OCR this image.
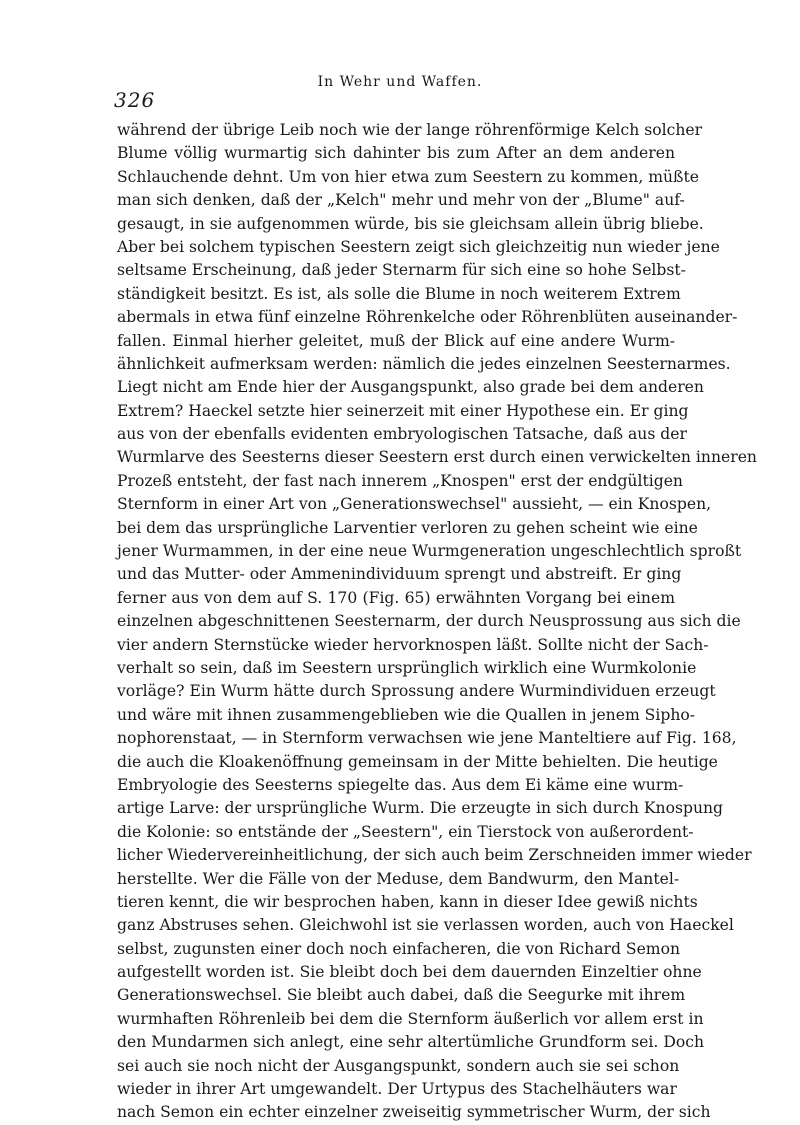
In Wehr und Waffen.
326
während der übrige Leib noch wie der lange röhrenförmige Kelch solcher
Blume völlig wurmartig sich dahinter bis zum After an dem anderen
Schlauchende dehnt. Um von hier etwa zum Seestern zu kommen, müßte
man sich denken, daß der „Kelch" mehr und mehr von der „Blume" auf-
gesaugt, in sie aufgenommen würde, bis sie gleichsam allein übrig bliebe.
Aber bei solchem typischen Seestern zeigt sich gleichzeitig nun wieder jene
seltsame Erscheinung, daß jeder Sternarm für sich eine so hohe Selbst-
ständigkeit besitzt. Es ist, als solle die Blume in noch weiterem Extrem
abermals in etwa fünf einzelne Röhrenkelche oder Röhrenblüten auseinander-
fallen. Einmal hierher geleitet, muß der Blick auf eine andere Wurm-
ähnlichkeit aufmerksam werden: nämlich die jedes einzelnen Seesternarmes.
Liegt nicht am Ende hier der Ausgangspunkt, also grade bei dem anderen
Extrem? Haeckel setzte hier seinerzeit mit einer Hypothese ein. Er ging
aus von der ebenfalls evidenten embryologischen Tatsache, daß aus der
Wurmlarve des Seesterns dieser Seestern erst durch einen verwickelten inneren
Prozeß entsteht, der fast nach innerem „Knospen" erst der endgültigen
Sternform in einer Art von „Generationswechsel" aussieht, — ein Knospen,
bei dem das ursprüngliche Larventier verloren zu gehen scheint wie eine
jener Wurmammen, in der eine neue Wurmgeneration ungeschlechtlich sproßt
und das Mutter- oder Ammenindividuum sprengt und abstreift. Er ging
ferner aus von dem auf S. 170 (Fig. 65) erwähnten Vorgang bei einem
einzelnen abgeschnittenen Seesternarm, der durch Neusprossung aus sich die
vier andern Sternstücke wieder hervorknospen läßt. Sollte nicht der Sach-
verhalt so sein, daß im Seestern ursprünglich wirklich eine Wurmkolonie
vorläge? Ein Wurm hätte durch Sprossung andere Wurmindividuen erzeugt
und wäre mit ihnen zusammengeblieben wie die Quallen in jenem Sipho-
nophorenstaat, — in Sternform verwachsen wie jene Manteltiere auf Fig. 168,
die auch die Kloakenöffnung gemeinsam in der Mitte behielten. Die heutige
Embryologie des Seesterns spiegelte das. Aus dem Ei käme eine wurm-
artige Larve: der ursprüngliche Wurm. Die erzeugte in sich durch Knospung
die Kolonie: so entstände der „Seestern", ein Tierstock von außerordent-
licher Wiedervereinheitlichung, der sich auch beim Zerschneiden immer wieder
herstellte. Wer die Fälle von der Meduse, dem Bandwurm, den Mantel-
tieren kennt, die wir besprochen haben, kann in dieser Idee gewiß nichts
ganz Abstruses sehen. Gleichwohl ist sie verlassen worden, auch von Haeckel
selbst, zugunsten einer doch noch einfacheren, die von Richard Semon
aufgestellt worden ist. Sie bleibt doch bei dem dauernden Einzeltier ohne
Generationswechsel. Sie bleibt auch dabei, daß die Seegurke mit ihrem
wurmhaften Röhrenleib bei dem die Sternform äußerlich vor allem erst in
den Mundarmen sich anlegt, eine sehr altertümliche Grundform sei. Doch
sei auch sie noch nicht der Ausgangspunkt, sondern auch sie sei schon
wieder in ihrer Art umgewandelt. Der Urtypus des Stachelhäuters war
nach Semon ein echter einzelner zweiseitig symmetrischer Wurm, der sich
